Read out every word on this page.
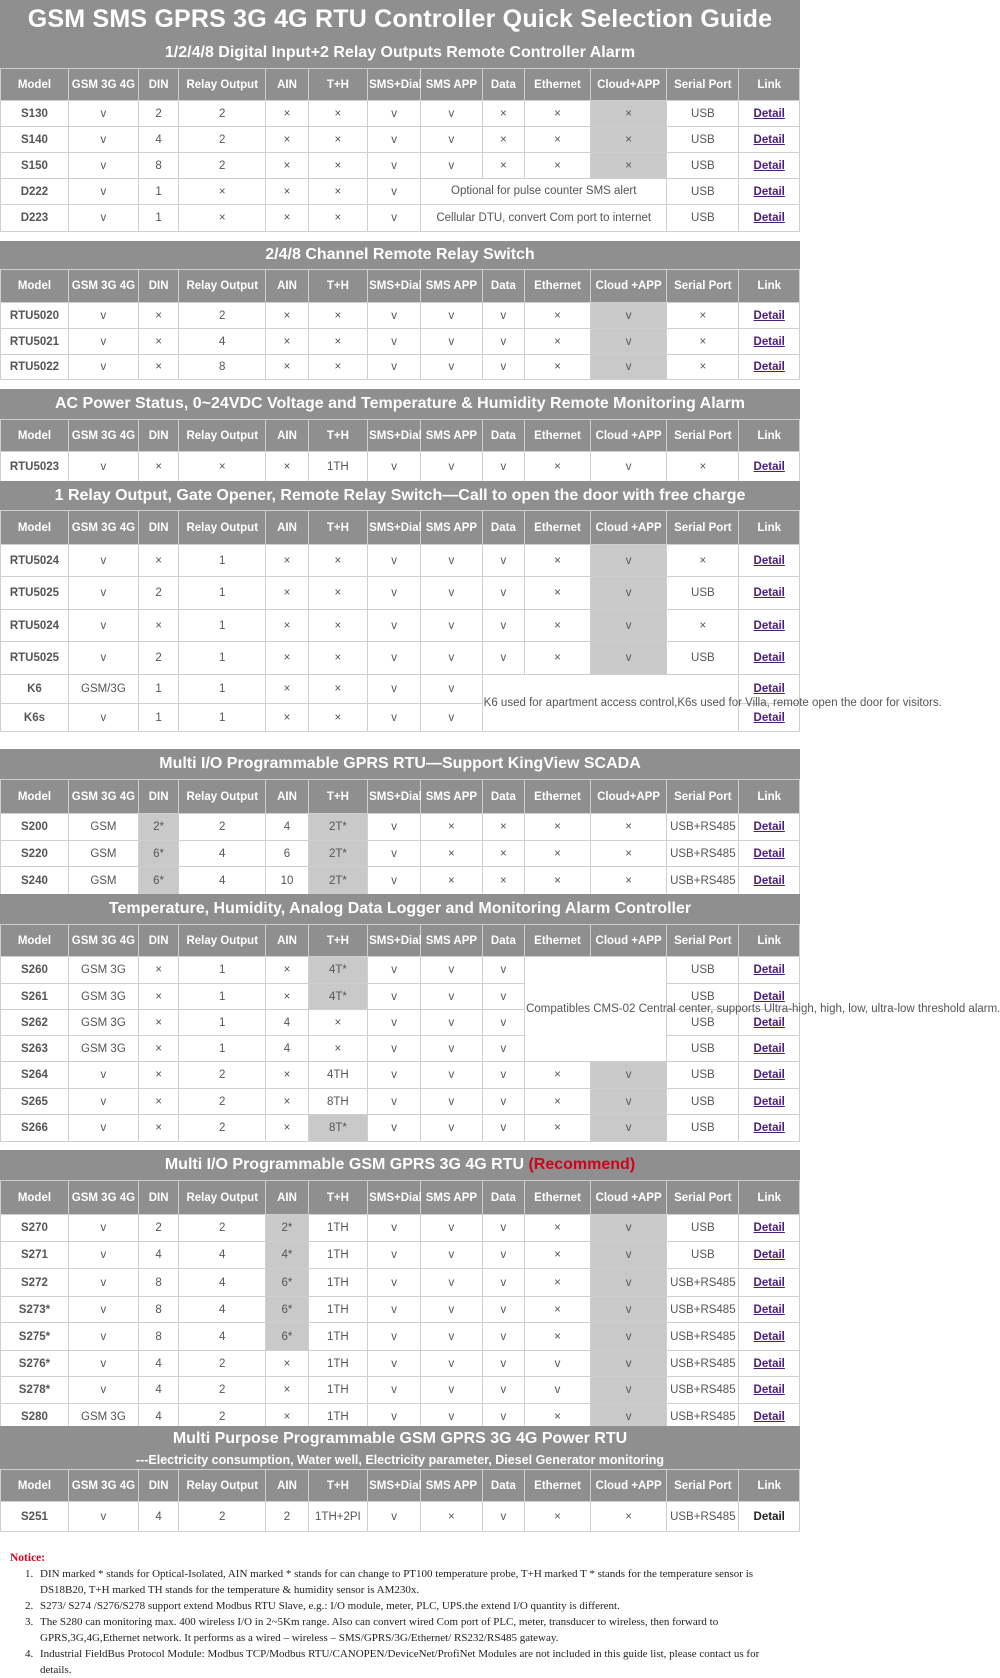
GSM SMS GPRS 3G 4G RTU Controller Quick Selection Guide
1/2/4/8 Digital Input+2 Relay Outputs Remote Controller Alarm
Model	GSM 3G 4G	DIN	Relay Output	AIN	T+H	SMS+Dial	SMS APP	Data	Ethernet	Cloud+APP	Serial Port	Link
S130	v	2	2	×	×	v	v	×	×	×	USB	Detail
S140	v	4	2	×	×	v	v	×	×	×	USB	Detail
S150	v	8	2	×	×	v	v	×	×	×	USB	Detail
D222	v	1	×	×	×	v	Optional for pulse counter SMS alert				USB	Detail
D223	v	1	×	×	×	v	Cellular DTU, convert Com port to internet				USB	Detail
2/4/8 Channel Remote Relay Switch
Model	GSM 3G 4G	DIN	Relay Output	AIN	T+H	SMS+Dial	SMS APP	Data	Ethernet	Cloud +APP	Serial Port	Link
RTU5020	v	×	2	×	×	v	v	v	×	v	×	Detail
RTU5021	v	×	4	×	×	v	v	v	×	v	×	Detail
RTU5022	v	×	8	×	×	v	v	v	×	v	×	Detail
AC Power Status, 0~24VDC Voltage and Temperature & Humidity Remote Monitoring Alarm
Model	GSM 3G 4G	DIN	Relay Output	AIN	T+H	SMS+Dial	SMS APP	Data	Ethernet	Cloud +APP	Serial Port	Link
RTU5023	v	×	×	×	1TH	v	v	v	×	v	×	Detail
1 Relay Output, Gate Opener, Remote Relay Switch—Call to open the door with free charge
Model	GSM 3G 4G	DIN	Relay Output	AIN	T+H	SMS+Dial	SMS APP	Data	Ethernet	Cloud +APP	Serial Port	Link
RTU5024	v	×	1	×	×	v	v	v	×	v	×	Detail
RTU5025	v	2	1	×	×	v	v	v	×	v	USB	Detail
RTU5024	v	×	1	×	×	v	v	v	×	v	×	Detail
RTU5025	v	2	1	×	×	v	v	v	×	v	USB	Detail
K6	GSM/3G	1	1	×	×	v	v	K6 used for apartment access control,K6s used for Villa, remote open the door for visitors.				Detail
K6s	v	1	1	×	×	v	v					Detail
Multi I/O Programmable GPRS RTU—Support KingView SCADA
Model	GSM 3G 4G	DIN	Relay Output	AIN	T+H	SMS+Dial	SMS APP	Data	Ethernet	Cloud+APP	Serial Port	Link
S200	GSM	2*	2	4	2T*	v	×	×	×	×	USB+RS485	Detail
S220	GSM	6*	4	6	2T*	v	×	×	×	×	USB+RS485	Detail
S240	GSM	6*	4	10	2T*	v	×	×	×	×	USB+RS485	Detail
Temperature, Humidity, Analog Data Logger and Monitoring Alarm Controller
Model	GSM 3G 4G	DIN	Relay Output	AIN	T+H	SMS+Dial	SMS APP	Data	Ethernet	Cloud +APP	Serial Port	Link
S260	GSM 3G	×	1	×	4T*	v	v	v	Compatibles CMS-02 Central center, supports Ultra-high, high, low, ultra-low threshold alarm.		USB	Detail
S261	GSM 3G	×	1	×	4T*	v	v	v			USB	Detail
S262	GSM 3G	×	1	4	×	v	v	v			USB	Detail
S263	GSM 3G	×	1	4	×	v	v	v			USB	Detail
S264	v	×	2	×	4TH	v	v	v	×	v	USB	Detail
S265	v	×	2	×	8TH	v	v	v	×	v	USB	Detail
S266	v	×	2	×	8T*	v	v	v	×	v	USB	Detail
Multi I/O Programmable GSM GPRS 3G 4G RTU (Recommend)
Model	GSM 3G 4G	DIN	Relay Output	AIN	T+H	SMS+Dial	SMS APP	Data	Ethernet	Cloud +APP	Serial Port	Link
S270	v	2	2	2*	1TH	v	v	v	×	v	USB	Detail
S271	v	4	4	4*	1TH	v	v	v	×	v	USB	Detail
S272	v	8	4	6*	1TH	v	v	v	×	v	USB+RS485	Detail
S273*	v	8	4	6*	1TH	v	v	v	×	v	USB+RS485	Detail
S275*	v	8	4	6*	1TH	v	v	v	×	v	USB+RS485	Detail
S276*	v	4	2	×	1TH	v	v	v	v	v	USB+RS485	Detail
S278*	v	4	2	×	1TH	v	v	v	v	v	USB+RS485	Detail
S280	GSM 3G	4	2	×	1TH	v	v	v	×	v	USB+RS485	Detail
Multi Purpose Programmable GSM GPRS 3G 4G Power RTU
---Electricity consumption, Water well, Electricity parameter, Diesel Generator monitoring
Model	GSM 3G 4G	DIN	Relay Output	AIN	T+H	SMS+Dial	SMS APP	Data	Ethernet	Cloud +APP	Serial Port	Link
S251	v	4	2	2	1TH+2PI	v	×	v	×	×	USB+RS485	Detail
Notice:
1. DIN marked * stands for Optical-Isolated, AIN marked * stands for can change to PT100 temperature probe, T+H marked T * stands for the temperature sensor is DS18B20, T+H marked TH stands for the temperature & humidity sensor is AM230x.
2. S273/ S274 /S276/S278 support extend Modbus RTU Slave, e.g.: I/O module, meter, PLC, UPS.the extend I/O quantity is different.
3. The S280 can monitoring max. 400 wireless I/O in 2~5Km range. Also can convert wired Com port of PLC, meter, transducer to wireless, then forward to GPRS,3G,4G,Ethernet network. It performs as a wired – wireless – SMS/GPRS/3G/Ethernet/ RS232/RS485 gateway.
4. Industrial FieldBus Protocol Module: Modbus TCP/Modbus RTU/CANOPEN/DeviceNet/ProfiNet Modules are not included in this guide list, please contact us for details.
